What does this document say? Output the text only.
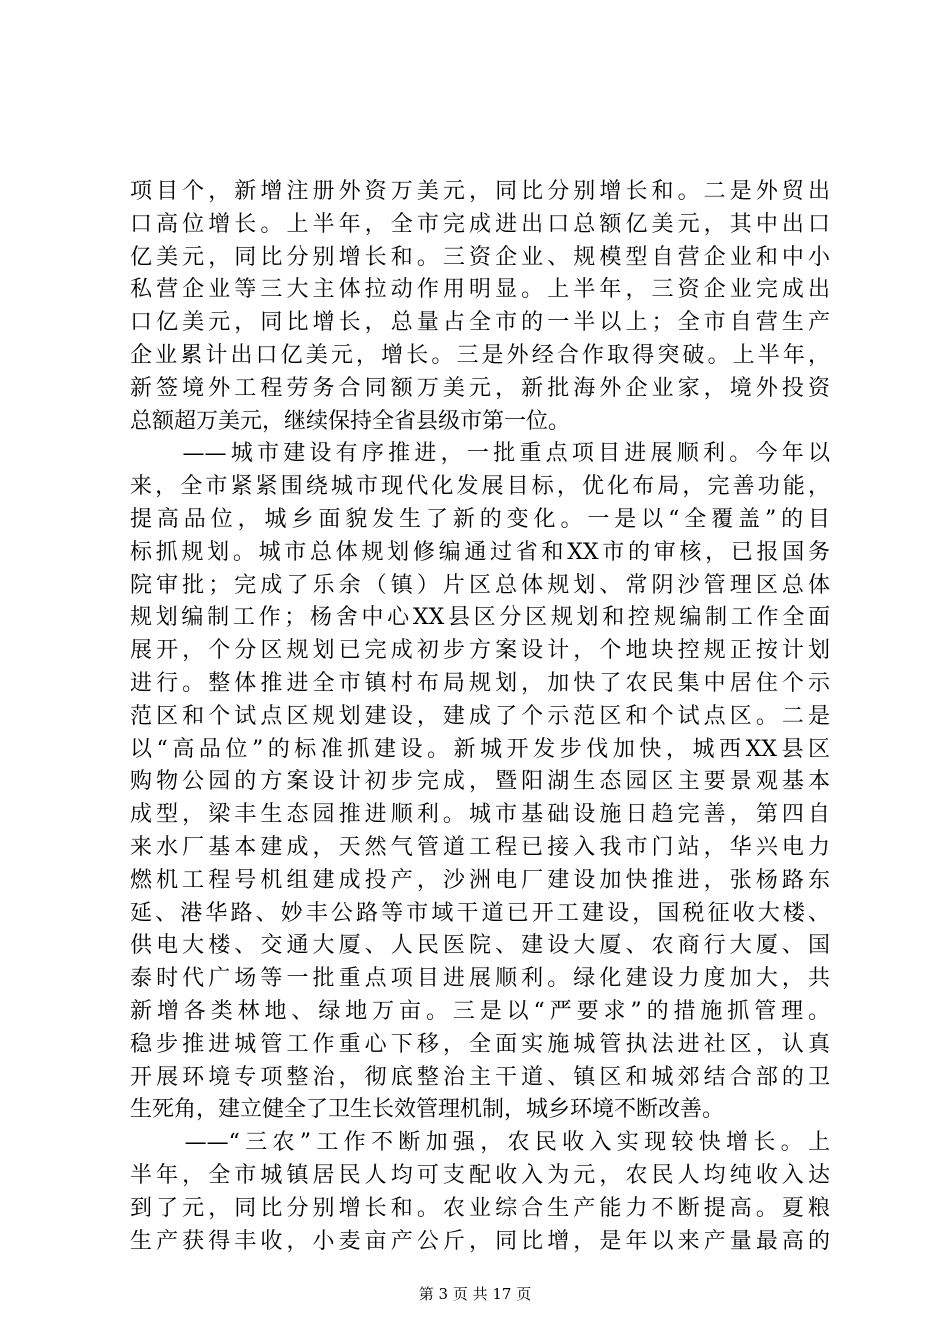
项目个，新增注册外资万美元，同比分别增长和。二是外贸出
口高位增长。上半年，全市完成进出口总额亿美元，其中出口
亿美元，同比分别增长和。三资企业、规模型自营企业和中小
私营企业等三大主体拉动作用明显。上半年，三资企业完成出
口亿美元，同比增长，总量占全市的一半以上；全市自营生产
企业累计出口亿美元，增长。三是外经合作取得突破。上半年，
新签境外工程劳务合同额万美元，新批海外企业家，境外投资
总额超万美元，继续保持全省县级市第一位。
　　——城市建设有序推进，一批重点项目进展顺利。今年以
来，全市紧紧围绕城市现代化发展目标，优化布局，完善功能，
提高品位，城乡面貌发生了新的变化。一是以“全覆盖”的目
标抓规划。城市总体规划修编通过省和XX市的审核，已报国务
院审批；完成了乐余（镇）片区总体规划、常阴沙管理区总体
规划编制工作；杨舍中心XX县区分区规划和控规编制工作全面
展开，个分区规划已完成初步方案设计，个地块控规正按计划
进行。整体推进全市镇村布局规划，加快了农民集中居住个示
范区和个试点区规划建设，建成了个示范区和个试点区。二是
以“高品位”的标准抓建设。新城开发步伐加快，城西XX县区
购物公园的方案设计初步完成，暨阳湖生态园区主要景观基本
成型，梁丰生态园推进顺利。城市基础设施日趋完善，第四自
来水厂基本建成，天然气管道工程已接入我市门站，华兴电力
燃机工程号机组建成投产，沙洲电厂建设加快推进，张杨路东
延、港华路、妙丰公路等市域干道已开工建设，国税征收大楼、
供电大楼、交通大厦、人民医院、建设大厦、农商行大厦、国
泰时代广场等一批重点项目进展顺利。绿化建设力度加大，共
新增各类林地、绿地万亩。三是以“严要求”的措施抓管理。
稳步推进城管工作重心下移，全面实施城管执法进社区，认真
开展环境专项整治，彻底整治主干道、镇区和城郊结合部的卫
生死角，建立健全了卫生长效管理机制，城乡环境不断改善。
　　——“三农”工作不断加强，农民收入实现较快增长。上
半年，全市城镇居民人均可支配收入为元，农民人均纯收入达
到了元，同比分别增长和。农业综合生产能力不断提高。夏粮
生产获得丰收，小麦亩产公斤，同比增，是年以来产量最高的
第 3 页 共 17 页
